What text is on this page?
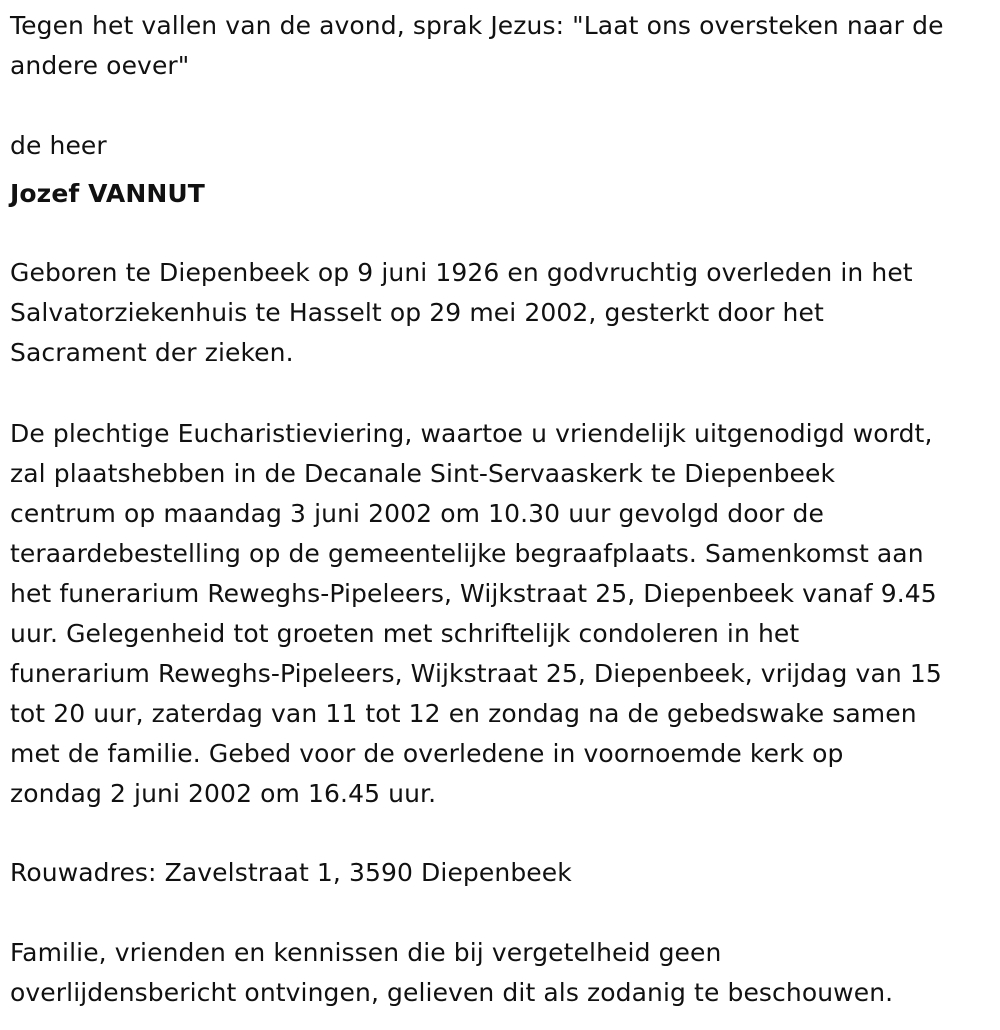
Tegen het vallen van de avond, sprak Jezus: "Laat ons oversteken naar de
andere oever"
de heer
Jozef VANNUT
Geboren te Diepenbeek op 9 juni 1926 en godvruchtig overleden in het
Salvatorziekenhuis te Hasselt op 29 mei 2002, gesterkt door het
Sacrament der zieken.
De plechtige Eucharistieviering, waartoe u vriendelijk uitgenodigd wordt,
zal plaatshebben in de Decanale Sint-Servaaskerk te Diepenbeek
centrum op maandag 3 juni 2002 om 10.30 uur gevolgd door de
teraardebestelling op de gemeentelijke begraafplaats. Samenkomst aan
het funerarium Reweghs-Pipeleers, Wijkstraat 25, Diepenbeek vanaf 9.45
uur. Gelegenheid tot groeten met schriftelijk condoleren in het
funerarium Reweghs-Pipeleers, Wijkstraat 25, Diepenbeek, vrijdag van 15
tot 20 uur, zaterdag van 11 tot 12 en zondag na de gebedswake samen
met de familie. Gebed voor de overledene in voornoemde kerk op
zondag 2 juni 2002 om 16.45 uur.
Rouwadres: Zavelstraat 1, 3590 Diepenbeek
Familie, vrienden en kennissen die bij vergetelheid geen
overlijdensbericht ontvingen, gelieven dit als zodanig te beschouwen.
